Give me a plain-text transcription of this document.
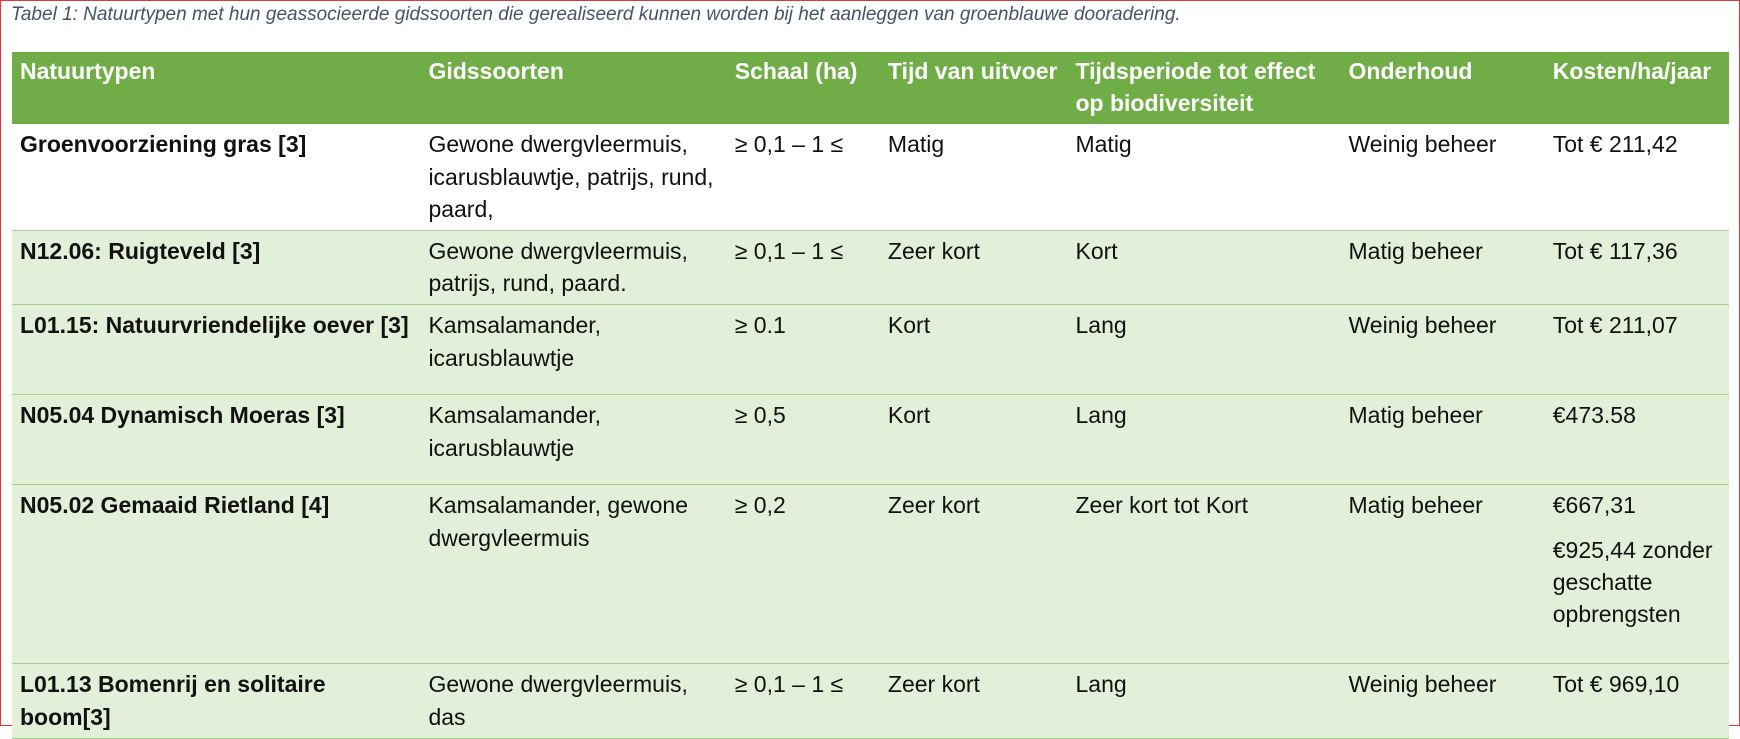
Tabel 1: Natuurtypen met hun geassocieerde gidssoorten die gerealiseerd kunnen worden bij het aanleggen van groenblauwe dooradering.
Natuurtypen	Gidssoorten	Schaal (ha)	Tijd van uitvoer	Tijdsperiode tot effect op biodiversiteit	Onderhoud	Kosten/ha/jaar
Groenvoorziening gras [3]	Gewone dwergvleermuis, icarusblauwtje, patrijs, rund, paard,	≥ 0,1 – 1 ≤	Matig	Matig	Weinig beheer	Tot € 211,42
N12.06: Ruigteveld [3]	Gewone dwergvleermuis, patrijs, rund, paard.	≥ 0,1 – 1 ≤	Zeer kort	Kort	Matig beheer	Tot € 117,36
L01.15: Natuurvriendelijke oever [3]	Kamsalamander, icarusblauwtje	≥ 0.1	Kort	Lang	Weinig beheer	Tot € 211,07
N05.04 Dynamisch Moeras [3]	Kamsalamander, icarusblauwtje	≥ 0,5	Kort	Lang	Matig beheer	€473.58
N05.02 Gemaaid Rietland [4]	Kamsalamander, gewone dwergvleermuis	≥ 0,2	Zeer kort	Zeer kort tot Kort	Matig beheer	€667,31
€925,44 zonder geschatte opbrengsten

L01.13 Bomenrij en solitaire boom[3]	Gewone dwergvleermuis, das	≥ 0,1 – 1 ≤	Zeer kort	Lang	Weinig beheer	Tot € 969,10
